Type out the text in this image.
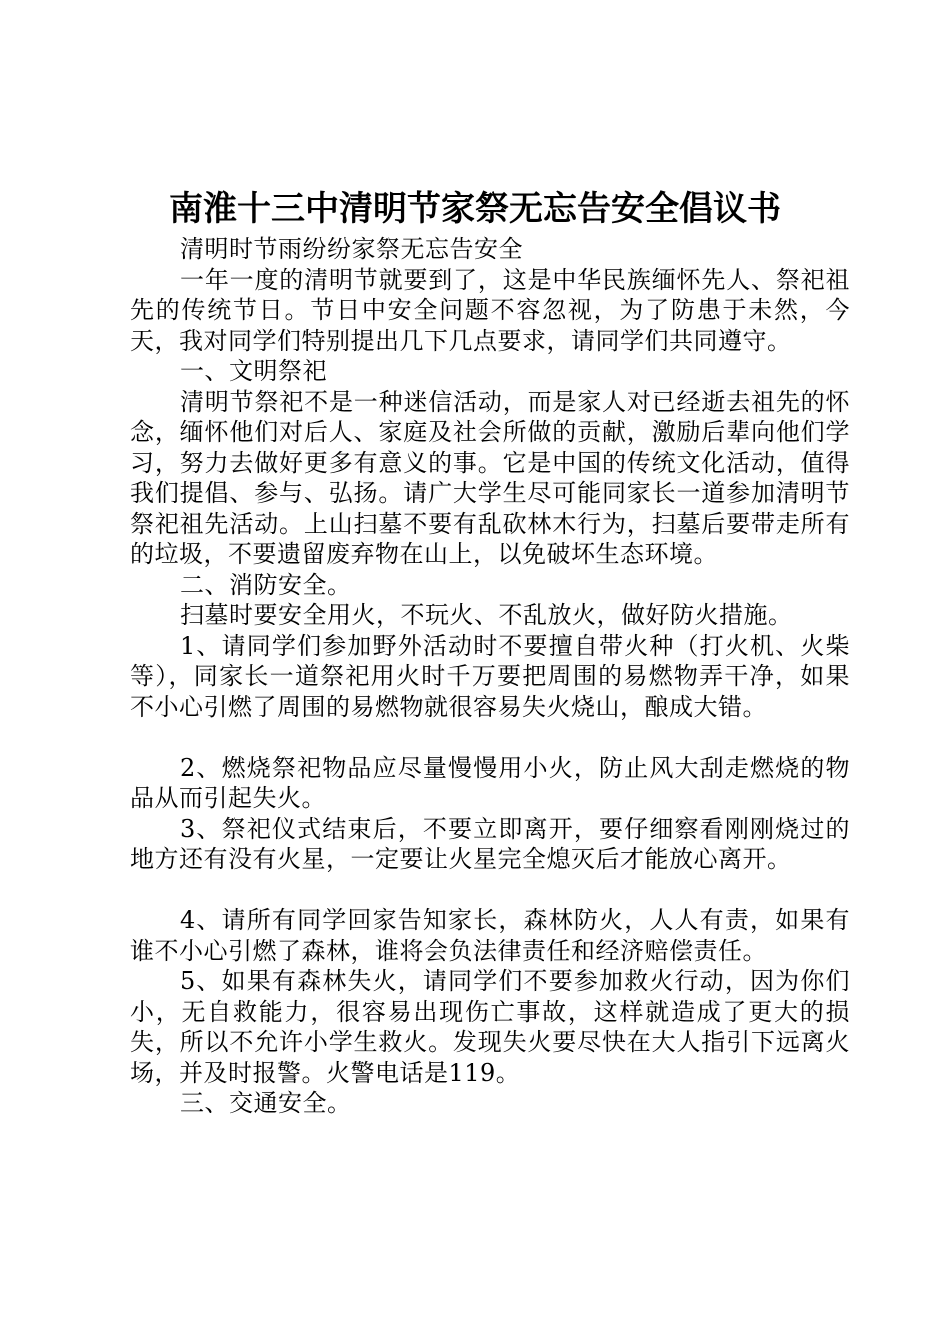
南淮十三中清明节家祭无忘告安全倡议书

清明时节雨纷纷家祭无忘告安全

一年一度的清明节就要到了，这是中华民族缅怀先人、祭祀祖先的传统节日。节日中安全问题不容忽视，为了防患于未然，今天，我对同学们特别提出几下几点要求，请同学们共同遵守。

一、文明祭祀

清明节祭祀不是一种迷信活动，而是家人对已经逝去祖先的怀念，缅怀他们对后人、家庭及社会所做的贡献，激励后辈向他们学习，努力去做好更多有意义的事。它是中国的传统文化活动，值得我们提倡、参与、弘扬。请广大学生尽可能同家长一道参加清明节祭祀祖先活动。上山扫墓不要有乱砍林木行为，扫墓后要带走所有的垃圾，不要遗留废弃物在山上，以免破坏生态环境。

二、消防安全。

扫墓时要安全用火，不玩火、不乱放火，做好防火措施。

1、请同学们参加野外活动时不要擅自带火种（打火机、火柴等），同家长一道祭祀用火时千万要把周围的易燃物弄干净，如果不小心引燃了周围的易燃物就很容易失火烧山，酿成大错。

2、燃烧祭祀物品应尽量慢慢用小火，防止风大刮走燃烧的物品从而引起失火。

3、祭祀仪式结束后，不要立即离开，要仔细察看刚刚烧过的地方还有没有火星，一定要让火星完全熄灭后才能放心离开。

4、请所有同学回家告知家长，森林防火，人人有责，如果有谁不小心引燃了森林，谁将会负法律责任和经济赔偿责任。

5、如果有森林失火，请同学们不要参加救火行动，因为你们小，无自救能力，很容易出现伤亡事故，这样就造成了更大的损失，所以不允许小学生救火。发现失火要尽快在大人指引下远离火场，并及时报警。火警电话是119。

三、交通安全。
